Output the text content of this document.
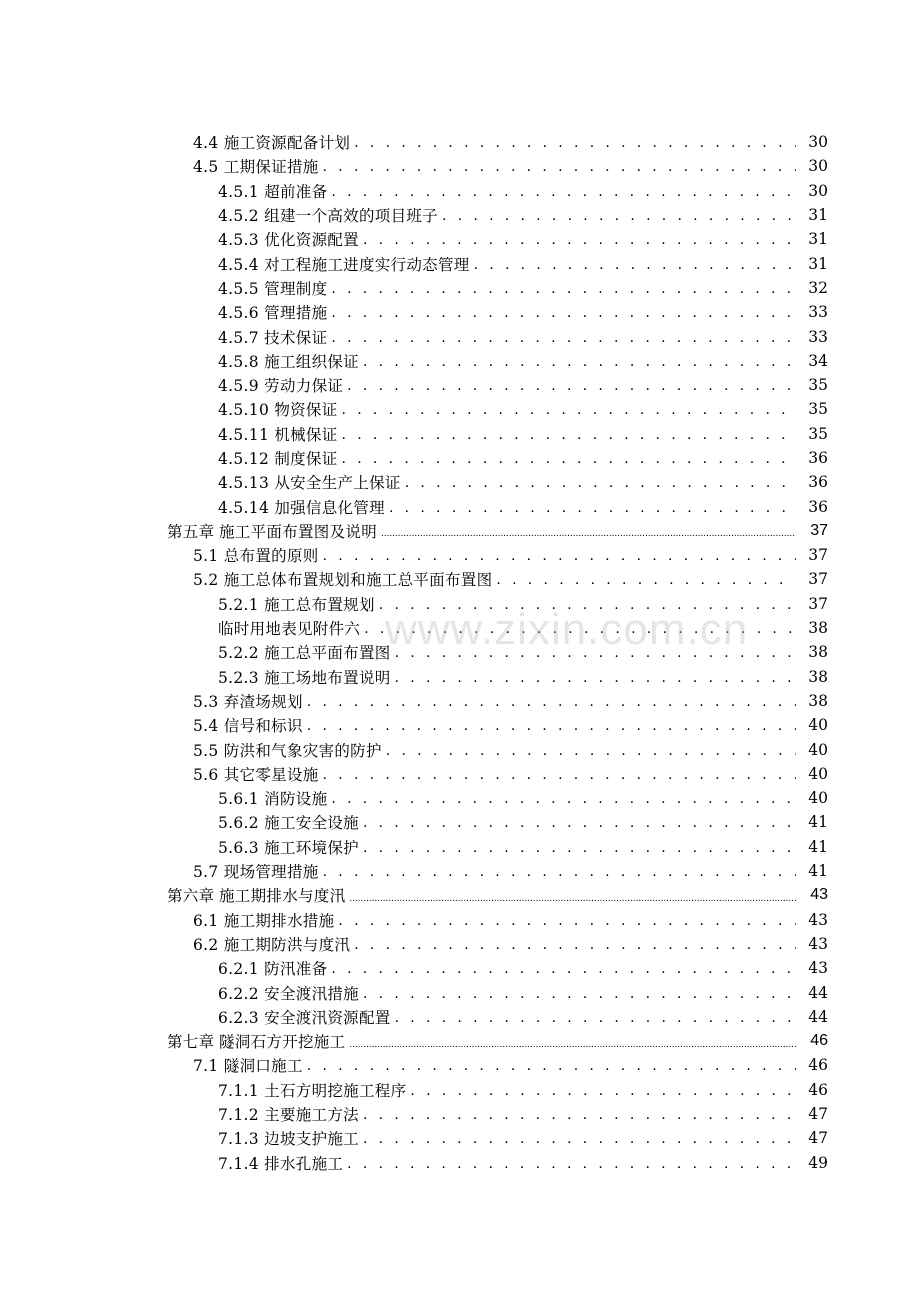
4.4 施工资源配备计划 . . .	30
4.5 工期保证措施 . . .	30
4.5.1 超前准备 . . .	30
4.5.2 组建一个高效的项目班子 . . .	31
4.5.3 优化资源配置 . . .	31
4.5.4 对工程施工进度实行动态管理 . . .	31
4.5.5 管理制度 . . .	32
4.5.6 管理措施 . . .	33
4.5.7 技术保证 . . .	33
4.5.8 施工组织保证 . . .	34
4.5.9 劳动力保证 . . .	35
4.5.10 物资保证 . . .	35
4.5.11 机械保证 . . .	35
4.5.12 制度保证 . . .	36
4.5.13 从安全生产上保证 . . .	36
4.5.14 加强信息化管理 . . .	36
第五章 施工平面布置图及说明 .....	37
5.1 总布置的原则 . . .	37
5.2 施工总体布置规划和施工总平面布置图 . . .	37
5.2.1 施工总布置规划 . . .	37
临时用地表见附件六 . . .	38
5.2.2 施工总平面布置图 . . .	38
5.2.3 施工场地布置说明 . . .	38
5.3 弃渣场规划 . . .	38
5.4 信号和标识 . . .	40
5.5 防洪和气象灾害的防护 . . .	40
5.6 其它零星设施 . . .	40
5.6.1 消防设施 . . .	40
5.6.2 施工安全设施 . . .	41
5.6.3 施工环境保护 . . .	41
5.7 现场管理措施 . . .	41
第六章 施工期排水与度汛 .....	43
6.1 施工期排水措施 . . .	43
6.2 施工期防洪与度汛 . . .	43
6.2.1 防汛准备 . . .	43
6.2.2 安全渡汛措施 . . .	44
6.2.3 安全渡汛资源配置 . . .	44
第七章 隧洞石方开挖施工 .....	46
7.1 隧洞口施工 . . .	46
7.1.1 土石方明挖施工程序 . . .	46
7.1.2 主要施工方法 . . .	47
7.1.3 边坡支护施工 . . .	47
7.1.4 排水孔施工 . . .	49
www.zixin.com.cn
